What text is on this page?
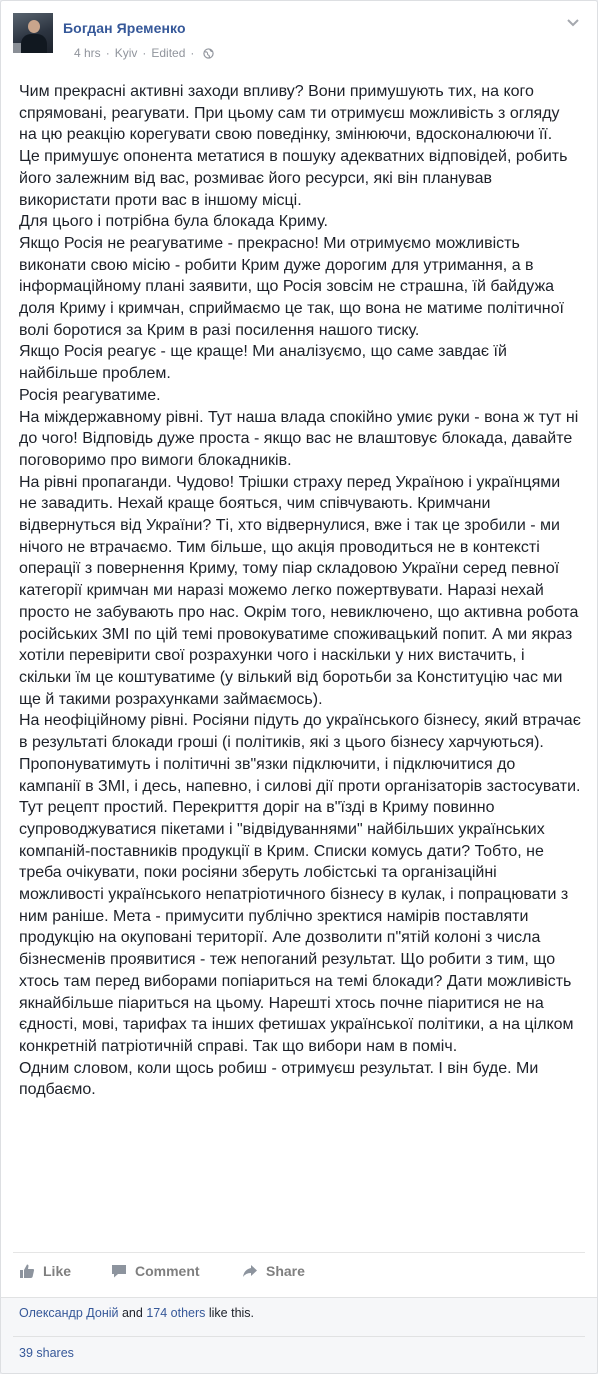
Богдан Яременко
4 hrs · Kyiv · Edited ·

Чим прекрасні активні заходи впливу? Вони примушують тих, на кого спрямовані, реагувати. При цьому сам ти отримуєш можливість з огляду на цю реакцію корегувати свою поведінку, змінюючи, вдосконалюючи її.

Це примушує опонента метатися в пошуку адекватних відповідей, робить його залежним від вас, розмиває його ресурси, які він планував використати проти вас в іншому місці.

Для цього і потрібна була блокада Криму.

Якщо Росія не реагуватиме - прекрасно! Ми отримуємо можливість виконати свою місію - робити Крим дуже дорогим для утримання, а в інформаційному плані заявити, що Росія зовсім не страшна, їй байдужа доля Криму і кримчан, сприймаємо це так, що вона не матиме політичної волі боротися за Крим в разі посилення нашого тиску.

Якщо Росія реагує - ще краще! Ми аналізуємо, що саме завдає їй найбільше проблем.

Росія реагуватиме.

На міждержавному рівні. Тут наша влада спокійно умиє руки - вона ж тут ні до чого! Відповідь дуже проста - якщо вас не влаштовує блокада, давайте поговоримо про вимоги блокадників.

На рівні пропаганди. Чудово! Трішки страху перед Україною і українцями не завадить. Нехай краще бояться, чим співчувають. Кримчани відвернуться від України? Ті, хто відвернулися, вже і так це зробили - ми нічого не втрачаємо. Тим більше, що акція проводиться не в контексті операції з повернення Криму, тому піар складовою України серед певної категорії кримчан ми наразі можемо легко пожертвувати. Наразі нехай просто не забувають про нас. Окрім того, невиключено, що активна робота російських ЗМІ по цій темі провокуватиме споживацький попит. А ми якраз хотіли перевірити свої розрахунки чого і наскільки у них вистачить, і скільки їм це коштуватиме (у вілький від боротьби за Конституцію час ми ще й такими розрахунками займаємось).

На неофіційному рівні. Росіяни підуть до українського бізнесу, який втрачає в результаті блокади гроші (і політиків, які з цього бізнесу харчуються). Пропонуватимуть і політичні зв"язки підключити, і підключитися до кампанії в ЗМІ, і десь, напевно, і силові дії проти організаторів застосувати. Тут рецепт простий. Перекриття доріг на в"їзді в Криму повинно супроводжуватися пікетами і "відвідуваннями" найбільших українських компаній-поставників продукції в Крим. Списки комусь дати? Тобто, не треба очікувати, поки росіяни зберуть лобістські та організаційні можливості українського непатріотичного бізнесу в кулак, і попрацювати з ним раніше. Мета - примусити публічно зректися намірів поставляти продукцію на окуповані території. Але дозволити п"ятій колоні з числа бізнесменів проявитися - теж непоганий результат. Що робити з тим, що хтось там перед виборами попіариться на темі блокади? Дати можливість якнайбільше піариться на цьому. Нарешті хтось почне піаритися не на єдності, мові, тарифах та інших фетишах української політики, а на цілком конкретній патріотичній справі. Так що вибори нам в поміч.

Одним словом, коли щось робиш - отримуєш результат. І він буде. Ми подбаємо.

Like	Comment	Share
Олександр Доній and 174 others like this.
39 shares
